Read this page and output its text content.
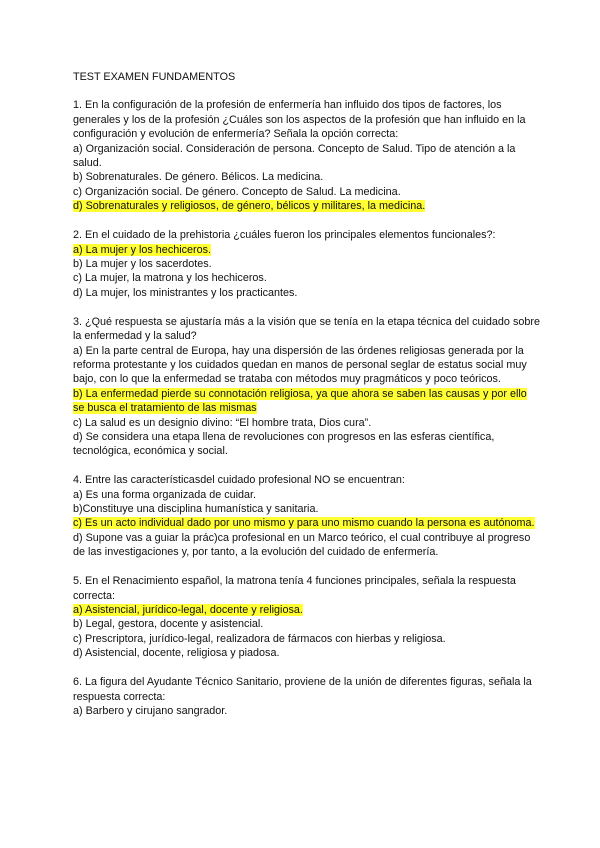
TEST EXAMEN FUNDAMENTOS

1. En la configuración de la profesión de enfermería han influido dos tipos de factores, los generales y los de la profesión ¿Cuáles son los aspectos de la profesión que han influido en la configuración y evolución de enfermería? Señala la opción correcta:

a) Organización social. Consideración de persona. Concepto de Salud. Tipo de atención a la salud.

b) Sobrenaturales. De género. Bélicos. La medicina.

c) Organización social. De género. Concepto de Salud. La medicina.

d) Sobrenaturales y religiosos, de género, bélicos y militares, la medicina.

2. En el cuidado de la prehistoria ¿cuáles fueron los principales elementos funcionales?:

a) La mujer y los hechiceros.

b) La mujer y los sacerdotes.

c) La mujer, la matrona y los hechiceros.

d) La mujer, los ministrantes y los practicantes.

3. ¿Qué respuesta se ajustaría más a la visión que se tenía en la etapa técnica del cuidado sobre la enfermedad y la salud?

a) En la parte central de Europa, hay una dispersión de las órdenes religiosas generada por la reforma protestante y los cuidados quedan en manos de personal seglar de estatus social muy bajo, con lo que la enfermedad se trataba con métodos muy pragmáticos y poco teóricos.

b) La enfermedad pierde su connotación religiosa, ya que ahora se saben las causas y por ello se busca el tratamiento de las mismas

c) La salud es un designio divino: “El hombre trata, Dios cura”.

d) Se considera una etapa llena de revoluciones con progresos en las esferas científica, tecnológica, económica y social.

4. Entre las característicasdel cuidado profesional NO se encuentran:

a) Es una forma organizada de cuidar.

b)Constituye una disciplina humanística y sanitaria.

c) Es un acto individual dado por uno mismo y para uno mismo cuando la persona es autónoma.

d) Supone vas a guiar la prác)ca profesional en un Marco teórico, el cual contribuye al progreso de las investigaciones y, por tanto, a la evolución del cuidado de enfermería.

5. En el Renacimiento español, la matrona tenía 4 funciones principales, señala la respuesta correcta:

a) Asistencial, jurídico-legal, docente y religiosa.

b) Legal, gestora, docente y asistencial.

c) Prescriptora, jurídico-legal, realizadora de fármacos con hierbas y religiosa.

d) Asistencial, docente, religiosa y piadosa.

6. La figura del Ayudante Técnico Sanitario, proviene de la unión de diferentes figuras, señala la

respuesta correcta:

a) Barbero y cirujano sangrador.
